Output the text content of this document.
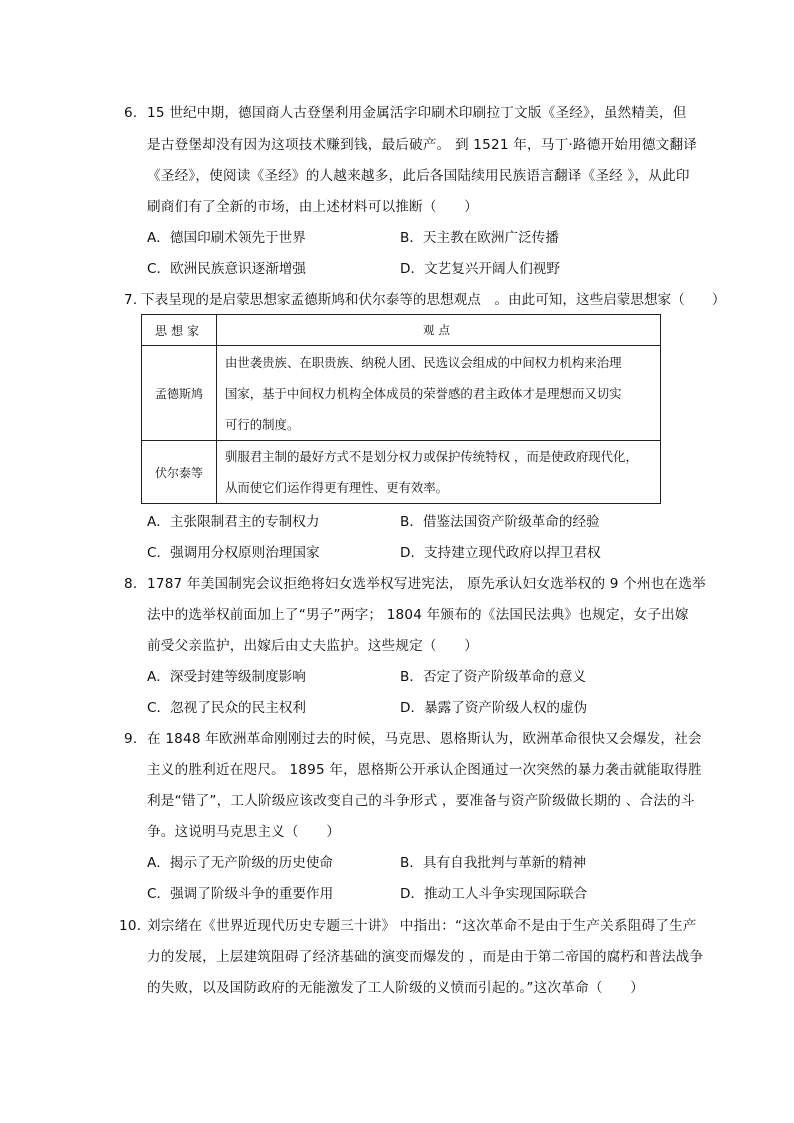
6． 15 世纪中期，德国商人古登堡利用金属活字印刷术印刷拉丁文版《圣经》，虽然精美，但
是古登堡却没有因为这项技术赚到钱，最后破产。 到 1521 年，马丁·路德开始用德文翻译
《圣经》，使阅读《圣经》的人越来越多，此后各国陆续用民族语言翻译《圣经 》，从此印
刷商们有了全新的市场，由上述材料可以推断（　　）
A．德国印刷术领先于世界	B．天主教在欧洲广泛传播
C．欧洲民族意识逐渐增强	D．文艺复兴开阔人们视野
7．
下表呈现的是启蒙思想家孟德斯鸠和伏尔泰等的思想观点　。由此可知，这些启蒙思想家（　　）
思想家	观点
孟德斯鸠	由世袭贵族、在职贵族、纳税人团、民选议会组成的中间权力机构来治理
国家，基于中间权力机构全体成员的荣誉感的君主政体才是理想而又切实
可行的制度。

伏尔泰等	驯服君主制的最好方式不是划分权力或保护传统特权 ，而是使政府现代化，
从而使它们运作得更有理性、更有效率。
A．主张限制君主的专制权力	B．借鉴法国资产阶级革命的经验
C．强调用分权原则治理国家	D．支持建立现代政府以捍卫君权
8． 1787 年美国制宪会议拒绝将妇女选举权写进宪法， 原先承认妇女选举权的 9 个州也在选举
法中的选举权前面加上了“男子”两字； 1804 年颁布的《法国民法典》也规定，女子出嫁
前受父亲监护，出嫁后由丈夫监护。这些规定（　　）
A．深受封建等级制度影响	B．否定了资产阶级革命的意义
C．忽视了民众的民主权利	D．暴露了资产阶级人权的虚伪
9． 在 1848 年欧洲革命刚刚过去的时候，马克思、恩格斯认为，欧洲革命很快又会爆发，社会
主义的胜利近在咫尺。 1895 年，恩格斯公开承认企图通过一次突然的暴力袭击就能取得胜
利是“错了”，工人阶级应该改变自己的斗争形式 ，要准备与资产阶级做长期的 、合法的斗
争。这说明马克思主义（　　）
A．揭示了无产阶级的历史使命	B．具有自我批判与革新的精神
C．强调了阶级斗争的重要作用	D．推动工人斗争实现国际联合
10．
刘宗绪在《世界近现代历史专题三十讲》 中指出：“这次革命不是由于生产关系阻碍了生产
力的发展，上层建筑阻碍了经济基础的演变而爆发的 ，而是由于第二帝国的腐朽和普法战争
的失败，以及国防政府的无能激发了工人阶级的义愤而引起的。”这次革命（　　）
